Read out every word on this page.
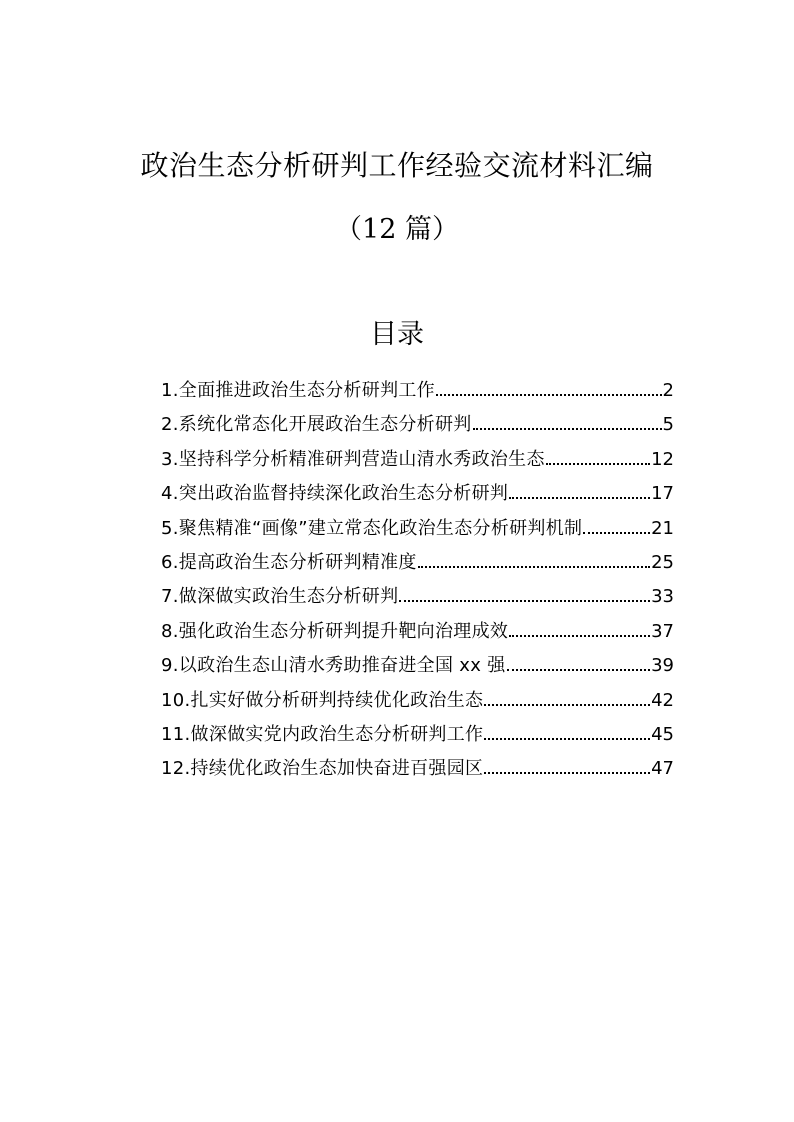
政治生态分析研判工作经验交流材料汇编
（12 篇）
目录
1.全面推进政治生态分析研判工作	2
2.系统化常态化开展政治生态分析研判	5
3.坚持科学分析精准研判营造山清水秀政治生态	12
4.突出政治监督持续深化政治生态分析研判	17
5.聚焦精准“画像”建立常态化政治生态分析研判机制	21
6.提高政治生态分析研判精准度	25
7.做深做实政治生态分析研判	33
8.强化政治生态分析研判提升靶向治理成效	37
9.以政治生态山清水秀助推奋进全国 xx 强	39
10.扎实好做分析研判持续优化政治生态	42
11.做深做实党内政治生态分析研判工作	45
12.持续优化政治生态加快奋进百强园区	47
